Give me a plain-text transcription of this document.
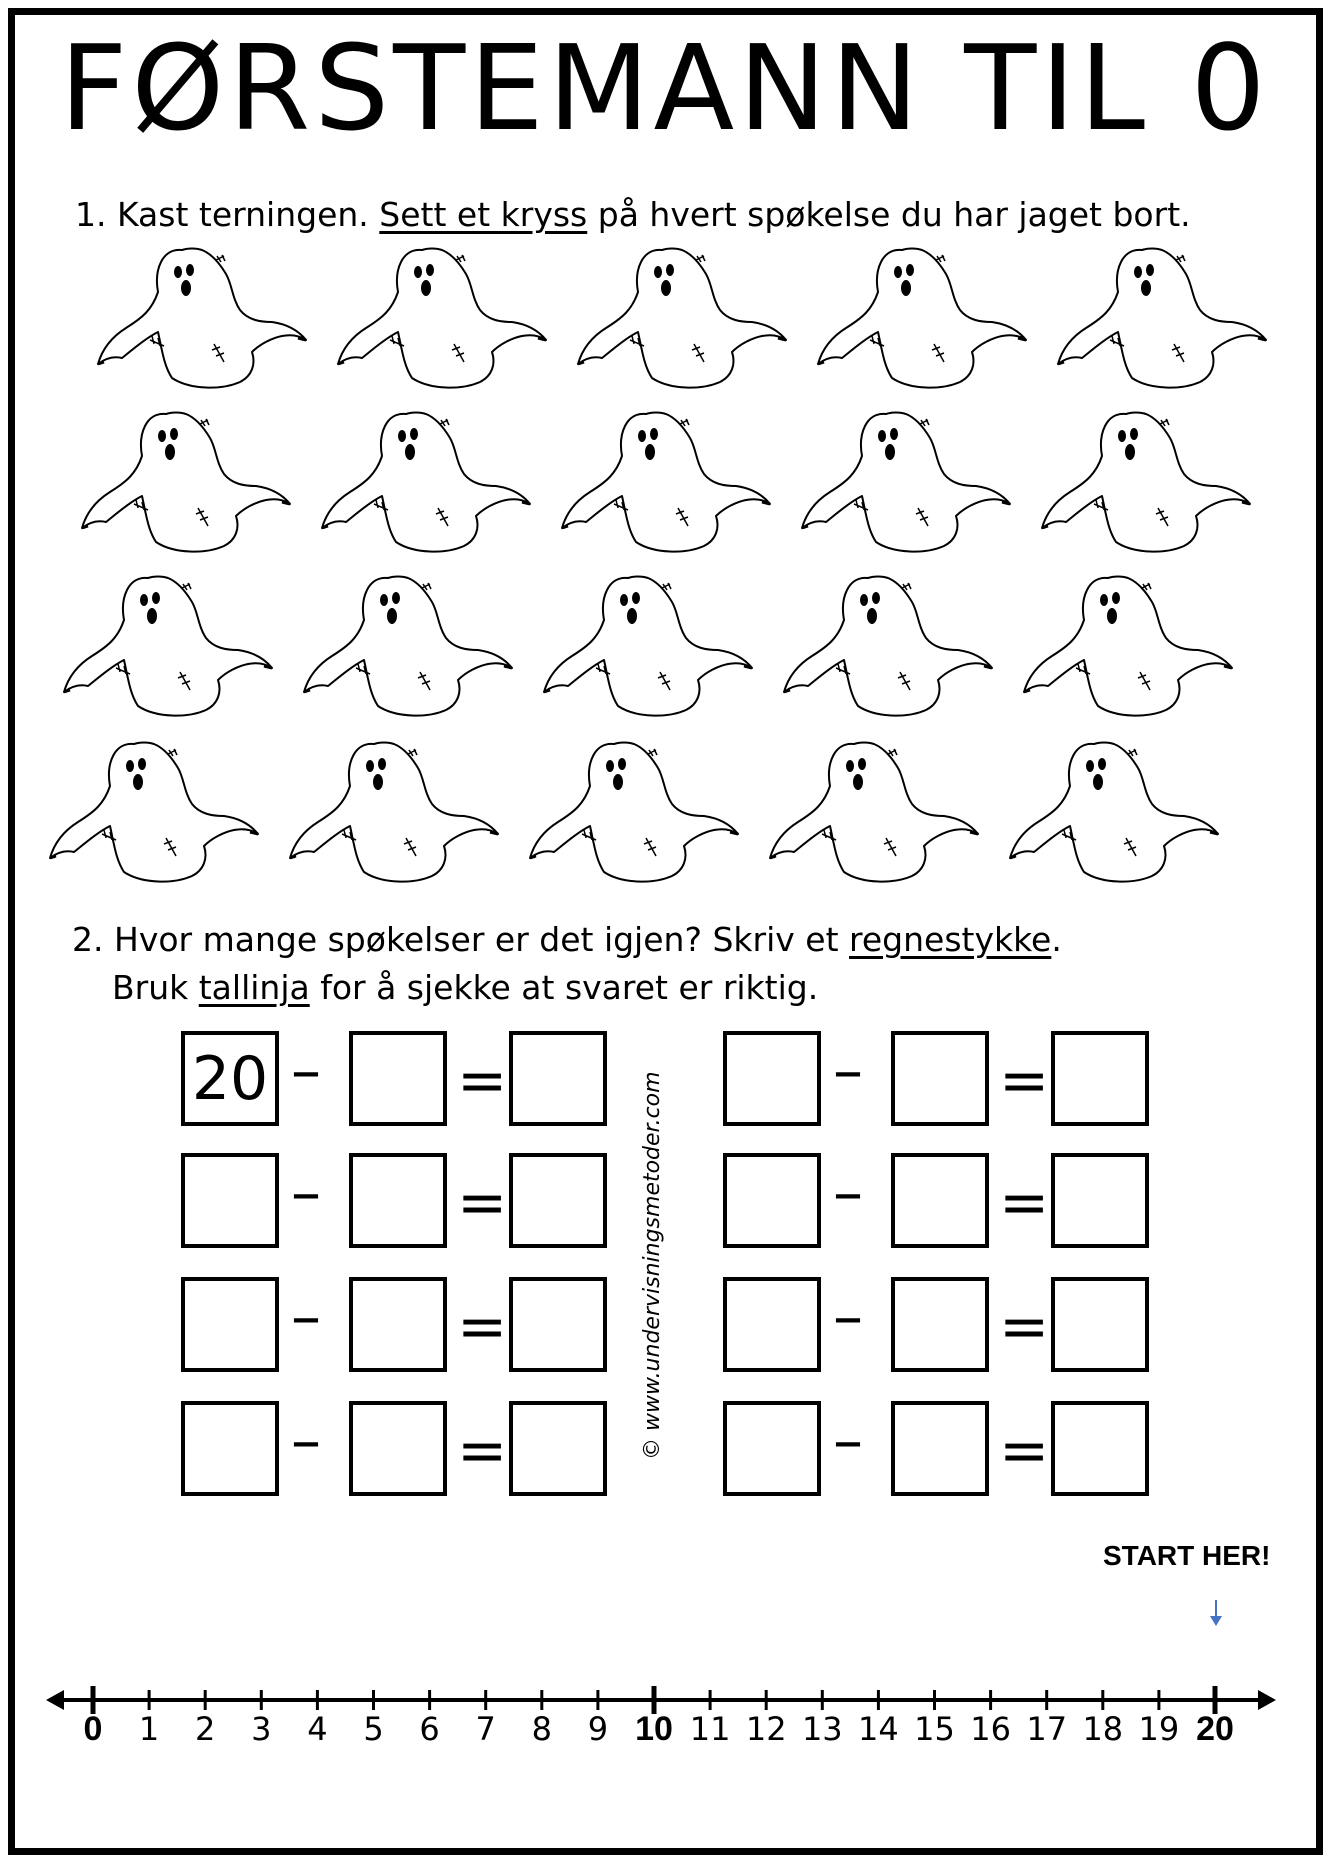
FØRSTEMANN TIL 0
1. Kast terningen. Sett et kryss på hvert spøkelse du har jaget bort.
2. Hvor mange spøkelser er det igjen? Skriv et regnestykke.
Bruk tallinja for å sjekke at svaret er riktig.
20 – =
– =
– =
– =
– =
– =
– =
– =
© www.undervisningsmetoder.com
START HER!
0	1	2	3	4	5	6	7	8	9 10 11 12 13 14 15 16 17 18 19 20
